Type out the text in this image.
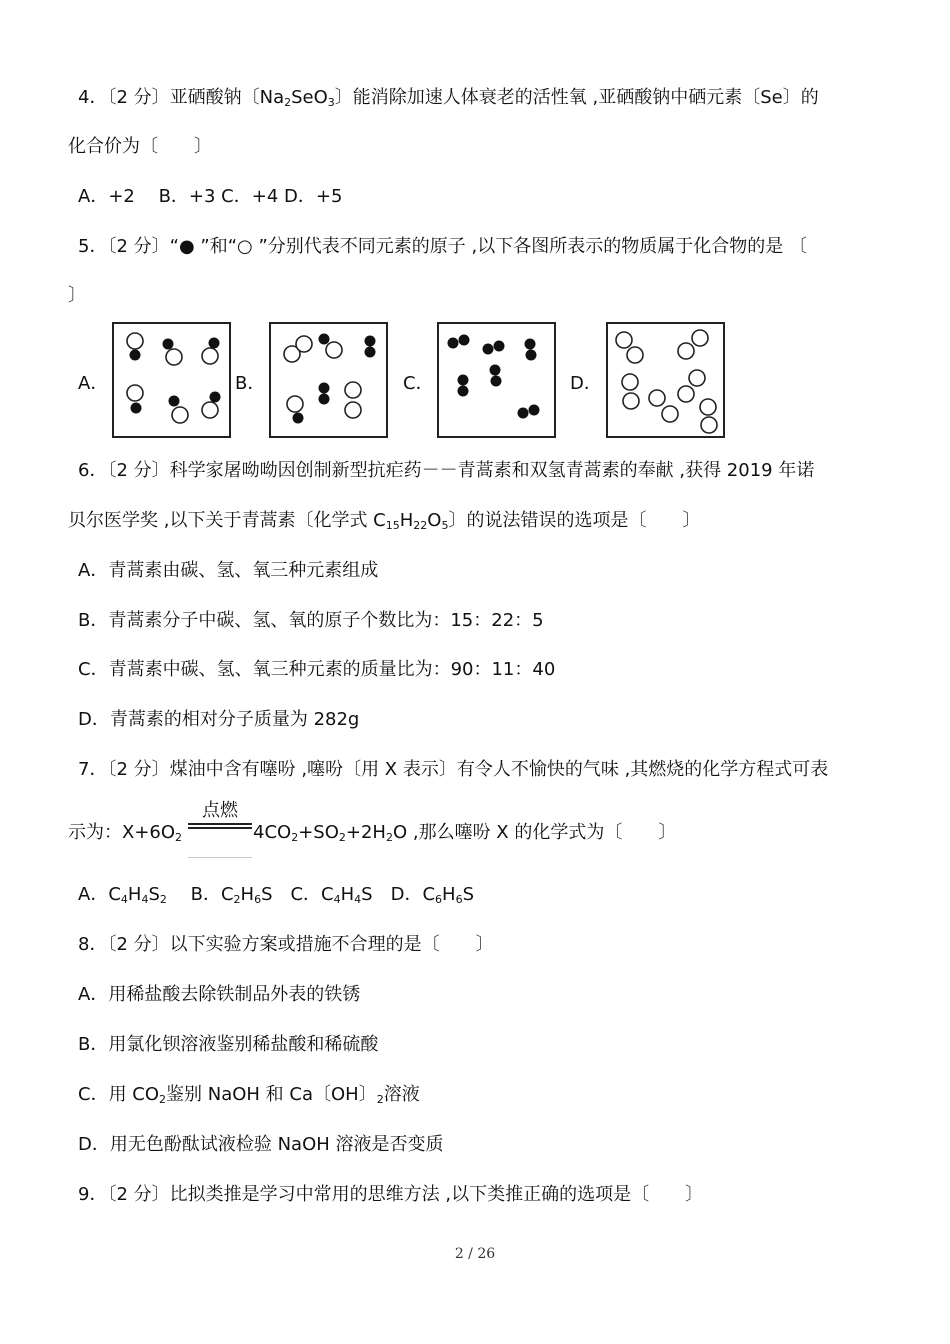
4．〔2 分〕亚硒酸钠〔$Na_2SeO_3$〕能消除加速人体衰老的活性氧 ,亚硒酸钠中硒元素〔Se〕的
化合价为〔　　〕
A．+2　 B．+3 C．+4 D．+5
5．〔2 分〕“● ”和“○ ”分别代表不同元素的原子 ,以下各图所表示的物质属于化合物的是 〔
〕
A．	B．	C．	D．
6．〔2 分〕科学家屠呦呦因创制新型抗疟药－－青蒿素和双氢青蒿素的奉献 ,获得 2019 年诺
贝尔医学奖 ,以下关于青蒿素〔化学式 $C_{15}H_{22}O_5$〕的说法错误的选项是〔　　〕
A．青蒿素由碳、氢、氧三种元素组成
B．青蒿素分子中碳、氢、氧的原子个数比为：15：22：5
C．青蒿素中碳、氢、氧三种元素的质量比为：90：11：40
D．青蒿素的相对分子质量为 282g
7．〔2 分〕煤油中含有噻吩 ,噻吩〔用 X 表示〕有令人不愉快的气味 ,其燃烧的化学方程式可表
示为：$X+6O_2$
点燃
$4CO_2+SO_2+2H_2O$ ,那么噻吩 X 的化学式为〔　　〕
A．$C_4H_4S_2$　 B．$C_2H_6S$　C．$C_4H_4S$　D．$C_6H_6S$
8．〔2 分〕以下实验方案或措施不合理的是〔　　〕
A．用稀盐酸去除铁制品外表的铁锈
B．用氯化钡溶液鉴别稀盐酸和稀硫酸
C．用 $CO_2$鉴别 NaOH 和 Ca〔OH〕$_2$溶液
D．用无色酚酞试液检验 NaOH 溶液是否变质
9．〔2 分〕比拟类推是学习中常用的思维方法 ,以下类推正确的选项是〔　　〕
2 / 26
